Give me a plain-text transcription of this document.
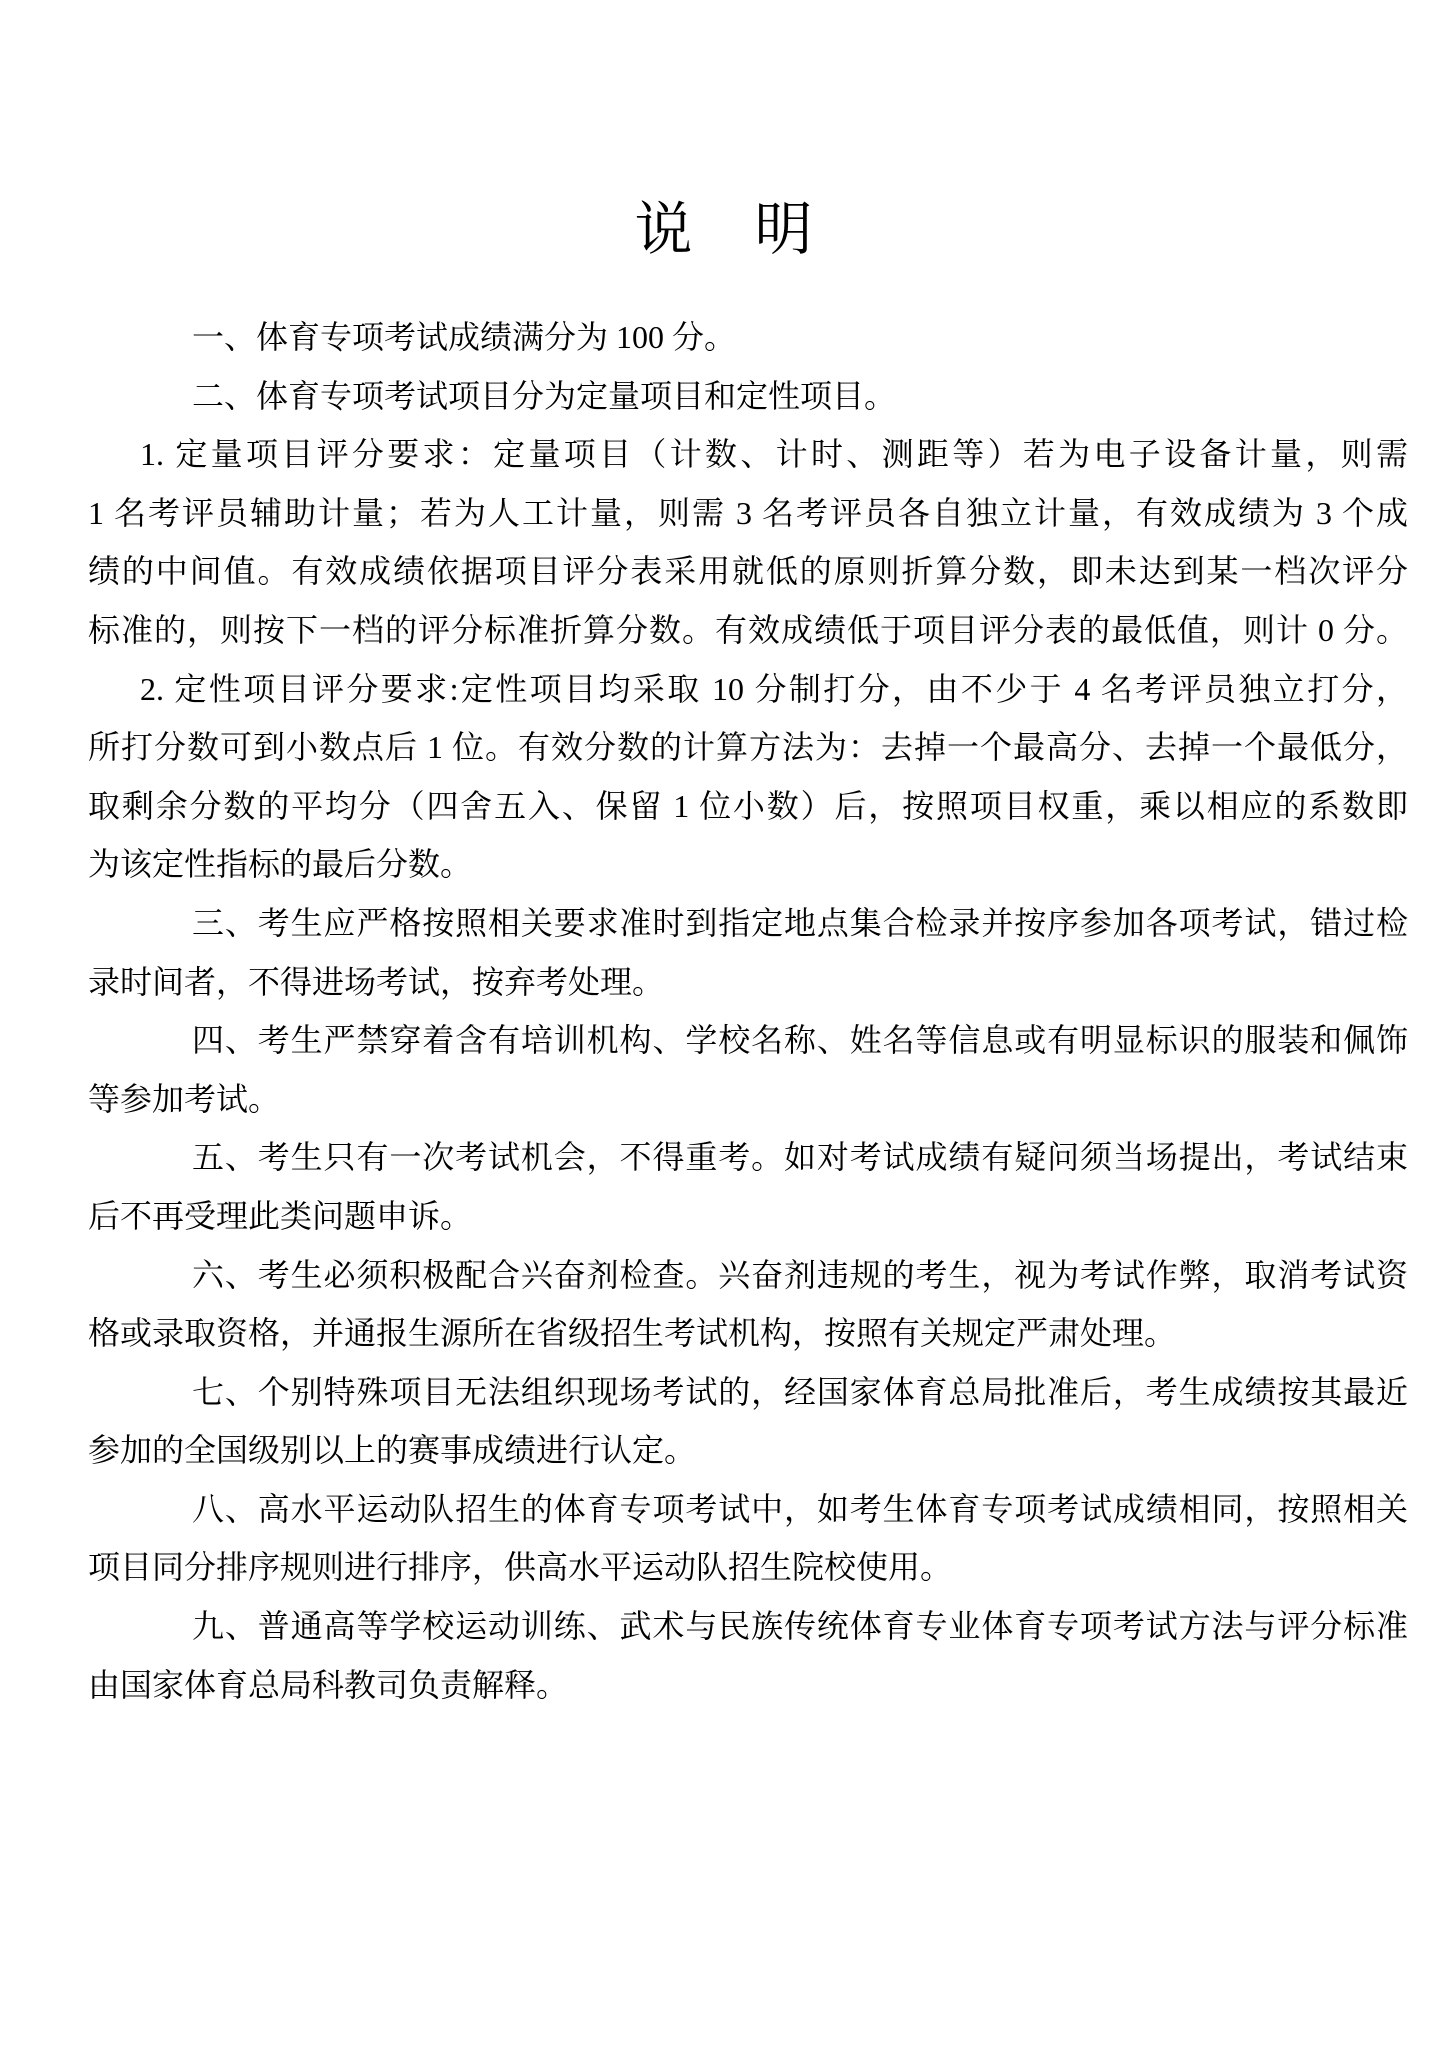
说　明
一、体育专项考试成绩满分为 100 分。
二、体育专项考试项目分为定量项目和定性项目。
1. 定量项目评分要求：定量项目（计数、计时、测距等）若为电子设备计量，则需
1 名考评员辅助计量；若为人工计量，则需 3 名考评员各自独立计量，有效成绩为 3 个成
绩的中间值。有效成绩依据项目评分表采用就低的原则折算分数，即未达到某一档次评分
标准的，则按下一档的评分标准折算分数。有效成绩低于项目评分表的最低值，则计 0 分。
2. 定性项目评分要求:定性项目均采取 10 分制打分，由不少于 4 名考评员独立打分，
所打分数可到小数点后 1 位。有效分数的计算方法为：去掉一个最高分、去掉一个最低分，
取剩余分数的平均分（四舍五入、保留 1 位小数）后，按照项目权重，乘以相应的系数即
为该定性指标的最后分数。
三、考生应严格按照相关要求准时到指定地点集合检录并按序参加各项考试，错过检
录时间者，不得进场考试，按弃考处理。
四、考生严禁穿着含有培训机构、学校名称、姓名等信息或有明显标识的服装和佩饰
等参加考试。
五、考生只有一次考试机会，不得重考。如对考试成绩有疑问须当场提出，考试结束
后不再受理此类问题申诉。
六、考生必须积极配合兴奋剂检查。兴奋剂违规的考生，视为考试作弊，取消考试资
格或录取资格，并通报生源所在省级招生考试机构，按照有关规定严肃处理。
七、个别特殊项目无法组织现场考试的，经国家体育总局批准后，考生成绩按其最近
参加的全国级别以上的赛事成绩进行认定。
八、高水平运动队招生的体育专项考试中，如考生体育专项考试成绩相同，按照相关
项目同分排序规则进行排序，供高水平运动队招生院校使用。
九、普通高等学校运动训练、武术与民族传统体育专业体育专项考试方法与评分标准
由国家体育总局科教司负责解释。
